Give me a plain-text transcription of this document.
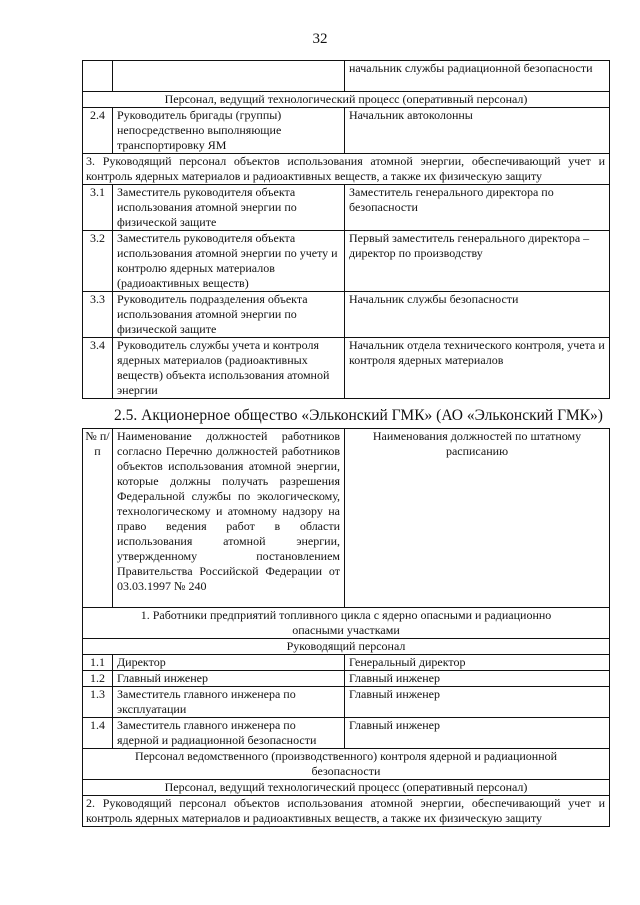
32
		начальник службы радиационной безопасности
Персонал, ведущий технологический процесс (оперативный персонал)		
2.4	Руководитель бригады (группы) непосредственно выполняющие транспортировку ЯМ	Начальник автоколонны
3. Руководящий персонал объектов использования атомной энергии, обеспечивающий учет и контроль ядерных материалов и радиоактивных веществ, а также их физическую защиту		
3.1	Заместитель руководителя объекта использования атомной энергии по физической защите	Заместитель генерального директора по безопасности
3.2	Заместитель руководителя объекта использования атомной энергии по учету и контролю ядерных материалов (радиоактивных веществ)	Первый заместитель генерального директора – директор по производству
3.3	Руководитель подразделения объекта использования атомной энергии по физической защите	Начальник службы безопасности
3.4	Руководитель службы учета и контроля ядерных материалов (радиоактивных веществ) объекта использования атомной энергии	Начальник отдела технического контроля, учета и контроля ядерных материалов
2.5. Акционерное общество «Эльконский ГМК» (АО «Эльконский ГМК»)
№ п/п	Наименование должностей работников согласно Перечню должностей работников объектов использования атомной энергии, которые должны получать разрешения Федеральной службы по экологическому, технологическому и атомному надзору на право ведения работ в области использования атомной энергии, утвержденному постановлением Правительства Российской Федерации от 03.03.1997 № 240	Наименования должностей по штатному расписанию
1. Работники предприятий топливного цикла с ядерно опасными и радиационно опасными участками		
Руководящий персонал		
1.1	Директор	Генеральный директор
1.2	Главный инженер	Главный инженер
1.3	Заместитель главного инженера по эксплуатации	Главный инженер
1.4	Заместитель главного инженера по ядерной и радиационной безопасности	Главный инженер
Персонал ведомственного (производственного) контроля ядерной и радиационной безопасности		
Персонал, ведущий технологический процесс (оперативный персонал)		
2. Руководящий персонал объектов использования атомной энергии, обеспечивающий учет и контроль ядерных материалов и радиоактивных веществ, а также их физическую защиту		
